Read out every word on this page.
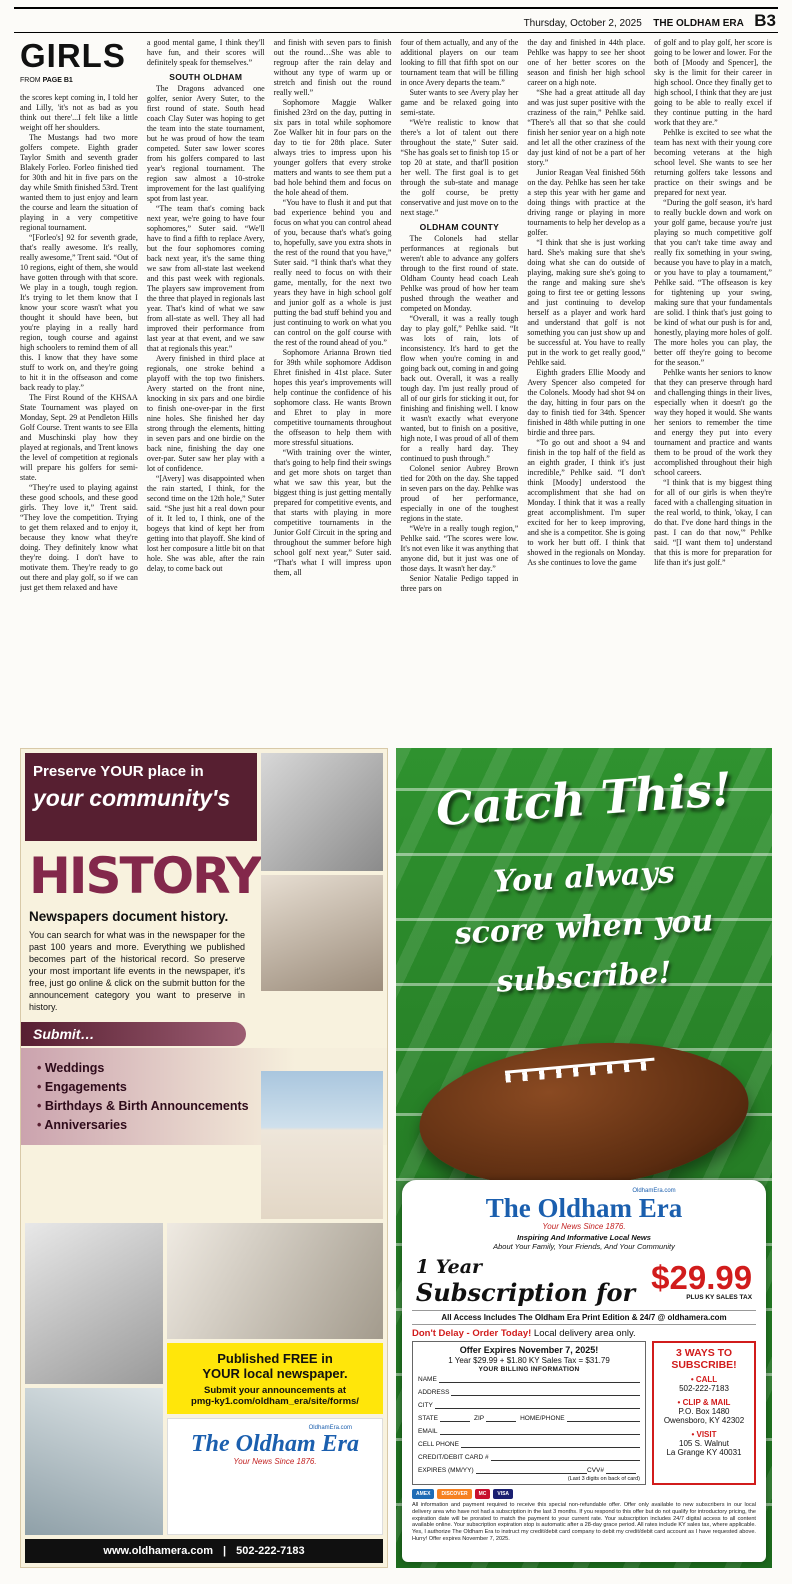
Thursday, October 2, 2025 THE OLDHAM ERA B3
GIRLS
FROM PAGE B1

the scores kept coming in, I told her and Lilly, 'it's not as bad as you think out there'...I felt like a little weight off her shoulders.

The Mustangs had two more golfers compete. Eighth grader Taylor Smith and seventh grader Blakely Forleo. Forleo finished tied for 30th and hit in five pars on the day while Smith finished 53rd. Trent wanted them to just enjoy and learn the course and learn the situation of playing in a very competitive regional tournament.

“[Forleo's] 92 for seventh grade, that's really awesome. It's really, really awesome,” Trent said. “Out of 10 regions, eight of them, she would have gotten through with that score. We play in a tough, tough region. It's trying to let them know that I know your score wasn't what you thought it should have been, but you're playing in a really hard region, tough course and against high schoolers to remind them of all this. I know that they have some stuff to work on, and they're going to hit it in the offseason and come back ready to play.”

The First Round of the KHSAA State Tournament was played on Monday, Sept. 29 at Pendleton Hills Golf Course. Trent wants to see Ella and Muschinski play how they played at regionals, and Trent knows the level of competition at regionals will prepare his golfers for semi-state.

“They're used to playing against these good schools, and these good girls. They love it,” Trent said. “They love the competition. Trying to get them relaxed and to enjoy it, because they know what they're doing. They definitely know what they're doing. I don't have to motivate them. They're ready to go out there and play golf, so if we can just get them relaxed and have

a good mental game, I think they'll have fun, and their scores will definitely speak for themselves.”

SOUTH OLDHAM

The Dragons advanced one golfer, senior Avery Suter, to the first round of state. South head coach Clay Suter was hoping to get the team into the state tournament, but he was proud of how the team competed. Suter saw lower scores from his golfers compared to last year's regional tournament. The region saw almost a 10-stroke improvement for the last qualifying spot from last year.

“The team that's coming back next year, we're going to have four sophomores,” Suter said. “We'll have to find a fifth to replace Avery, but the four sophomores coming back next year, it's the same thing we saw from all-state last weekend and this past week with regionals. The players saw improvement from the three that played in regionals last year. That's kind of what we saw from all-state as well. They all had improved their performance from last year at that event, and we saw that at regionals this year.”

Avery finished in third place at regionals, one stroke behind a playoff with the top two finishers. Avery started on the front nine, knocking in six pars and one birdie to finish one-over-par in the first nine holes. She finished her day strong through the elements, hitting in seven pars and one birdie on the back nine, finishing the day one over-par. Suter saw her play with a lot of confidence.

“[Avery] was disappointed when the rain started, I think, for the second time on the 12th hole,” Suter said. “She just hit a real down pour of it. It led to, I think, one of the bogeys that kind of kept her from getting into that playoff. She kind of lost her composure a little bit on that hole. She was able, after the rain delay, to come back out

and finish with seven pars to finish out the round…She was able to regroup after the rain delay and without any type of warm up or stretch and finish out the round really well.”

Sophomore Maggie Walker finished 23rd on the day, putting in six pars in total while sophomore Zoe Walker hit in four pars on the day to tie for 28th place. Suter always tries to impress upon his younger golfers that every stroke matters and wants to see them put a bad hole behind them and focus on the hole ahead of them.

“You have to flush it and put that bad experience behind you and focus on what you can control ahead of you, because that's what's going to, hopefully, save you extra shots in the rest of the round that you have,” Suter said. “I think that's what they really need to focus on with their game, mentally, for the next two years they have in high school golf and junior golf as a whole is just putting the bad stuff behind you and just continuing to work on what you can control on the golf course with the rest of the round ahead of you.”

Sophomore Arianna Brown tied for 39th while sophomore Addison Ehret finished in 41st place. Suter hopes this year's improvements will help continue the confidence of his sophomore class. He wants Brown and Ehret to play in more competitive tournaments throughout the offseason to help them with more stressful situations.

“With training over the winter, that's going to help find their swings and get more shots on target than what we saw this year, but the biggest thing is just getting mentally prepared for competitive events, and that starts with playing in more competitive tournaments in the Junior Golf Circuit in the spring and throughout the summer before high school golf next year,” Suter said. “That's what I will impress upon them, all

four of them actually, and any of the additional players on our team looking to fill that fifth spot on our tournament team that will be filling in once Avery departs the team.”

Suter wants to see Avery play her game and be relaxed going into semi-state.

“We're realistic to know that there's a lot of talent out there throughout the state,” Suter said. “She has goals set to finish top 15 or top 20 at state, and that'll position her well. The first goal is to get through the sub-state and manage the golf course, be pretty conservative and just move on to the next stage.”

OLDHAM COUNTY

The Colonels had stellar performances at regionals but weren't able to advance any golfers through to the first round of state. Oldham County head coach Leah Pehlke was proud of how her team pushed through the weather and competed on Monday.

“Overall, it was a really tough day to play golf,” Pehlke said. “It was lots of rain, lots of inconsistency. It's hard to get the flow when you're coming in and going back out, coming in and going back out. Overall, it was a really tough day. I'm just really proud of all of our girls for sticking it out, for finishing and finishing well. I know it wasn't exactly what everyone wanted, but to finish on a positive, high note, I was proud of all of them for a really hard day. They continued to push through.”

Colonel senior Aubrey Brown tied for 20th on the day. She tapped in seven pars on the day. Pehlke was proud of her performance, especially in one of the toughest regions in the state.

“We're in a really tough region,” Pehlke said. “The scores were low. It's not even like it was anything that anyone did, but it just was one of those days. It wasn't her day.”

Senior Natalie Pedigo tapped in three pars on

the day and finished in 44th place. Pehlke was happy to see her shoot one of her better scores on the season and finish her high school career on a high note.

“She had a great attitude all day and was just super positive with the craziness of the rain,” Pehlke said. “There's all that so that she could finish her senior year on a high note and let all the other craziness of the day just kind of not be a part of her story.”

Junior Reagan Veal finished 56th on the day. Pehlke has seen her take a step this year with her game and doing things with practice at the driving range or playing in more tournaments to help her develop as a golfer.

“I think that she is just working hard. She's making sure that she's doing what she can do outside of playing, making sure she's going to the range and making sure she's going to first tee or getting lessons and just continuing to develop herself as a player and work hard and understand that golf is not something you can just show up and be successful at. You have to really put in the work to get really good,” Pehlke said.

Eighth graders Ellie Moody and Avery Spencer also competed for the Colonels. Moody had shot 94 on the day, hitting in four pars on the day to finish tied for 34th. Spencer finished in 48th while putting in one birdie and three pars.

“To go out and shoot a 94 and finish in the top half of the field as an eighth grader, I think it's just incredible,” Pehlke said. “I don't think [Moody] understood the accomplishment that she had on Monday. I think that it was a really great accomplishment. I'm super excited for her to keep improving, and she is a competitor. She is going to work her butt off. I think that showed in the regionals on Monday. As she continues to love the game

of golf and to play golf, her score is going to be lower and lower. For the both of [Moody and Spencer], the sky is the limit for their career in high school. Once they finally get to high school, I think that they are just going to be able to really excel if they continue putting in the hard work that they are.”

Pehlke is excited to see what the team has next with their young core becoming veterans at the high school level. She wants to see her returning golfers take lessons and practice on their swings and be prepared for next year.

“During the golf season, it's hard to really buckle down and work on your golf game, because you're just playing so much competitive golf that you can't take time away and really fix something in your swing, because you have to play in a match, or you have to play a tournament,” Pehlke said. “The offseason is key for tightening up your swing, making sure that your fundamentals are solid. I think that's just going to be kind of what our push is for and, honestly, playing more holes of golf. The more holes you can play, the better off they're going to become for the season.”

Pehlke wants her seniors to know that they can preserve through hard and challenging things in their lives, especially when it doesn't go the way they hoped it would. She wants her seniors to remember the time and energy they put into every tournament and practice and wants them to be proud of the work they accomplished throughout their high school careers.

“I think that is my biggest thing for all of our girls is when they're faced with a challenging situation in the real world, to think, 'okay, I can do that. I've done hard things in the past. I can do that now,'” Pehlke said. “[I want them to] understand that this is more for preparation for life than it's just golf.”

Preserve YOUR place in
your community's
HISTORY
Newspapers document history.
You can search for what was in the newspaper for the past 100 years and more. Everything we published becomes part of the historical record. So preserve your most important life events in the newspaper, it's free, just go online & click on the submit button for the announcement category you want to preserve in history.
Submit…
• Weddings
• Engagements
• Birthdays & Birth Announcements
• Anniversaries
Published FREE in
YOUR local newspaper.
Submit your announcements at
pmg-ky1.com/oldham_era/site/forms/
OldhamEra.com
The Oldham Era
Your News Since 1876.
www.oldhamera.com | 502-222-7183
Catch This!
You always
score when you
subscribe!
OldhamEra.com
The Oldham Era
Your News Since 1876.
Inspiring And Informative Local News
About Your Family, Your Friends, And Your Community
1 Year
Subscription for $29.99
PLUS KY SALES TAX
All Access Includes The Oldham Era Print Edition & 24/7 @ oldhamera.com
Don't Delay - Order Today! Local delivery area only.
Offer Expires November 7, 2025!
1 Year $29.99 + $1.80 KY Sales Tax = $31.79
YOUR BILLING INFORMATION
NAME
ADDRESS
CITY
STATE	ZIP	HOME/PHONE
EMAIL
CELL PHONE
CREDIT/DEBIT CARD #
EXPIRES (MM/YY)	CVV#
(Last 3 digits on back of card)
3 WAYS TO SUBSCRIBE!
• CALL
502-222-7183
• CLIP & MAIL
P.O. Box 1480
Owensboro, KY 42302
• VISIT
105 S. Walnut
La Grange KY 40031
AMEX	DISCOVER	MC	VISA
All information and payment required to receive this special non-refundable offer. Offer only available to new subscribers in our local delivery area who have not had a subscription in the last 3 months. If you respond to this offer but do not qualify for introductory pricing, the expiration date will be prorated to match the payment to your current rate. Your subscription includes 24/7 digital access to all content available online. Your subscription expiration stop is automatic after a 28-day grace period. All rates include KY sales tax, where applicable. Yes, I authorize The Oldham Era to instruct my credit/debit card company to debit my credit/debit card account as I have requested above. Hurry! Offer expires November 7, 2025.
